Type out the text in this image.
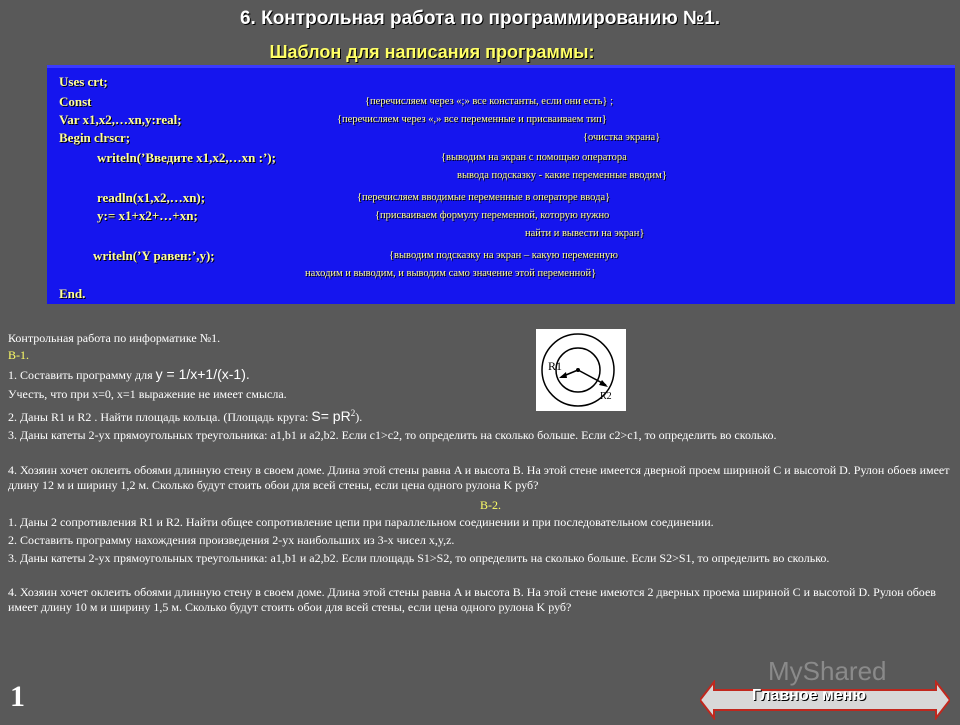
6. Контрольная работа по программированию №1.
Шаблон для написания программы:
Uses crt;
Const	{перечисляем через «;» все константы, если они есть} ;
Var x1,x2,…xn,y:real;	{перечисляем через «,» все переменные и присваиваем тип}
Begin clrscr;	{очистка экрана}
writeln(’Введите x1,x2,…xn :’);	{выводим на экран с помощью оператора
вывода подсказку - какие переменные вводим}
readln(x1,x2,…xn);	{перечисляем вводимые переменные в операторе ввода}
y:= x1+x2+…+xn;	{присваиваем формулу переменной, которую нужно
найти и вывести на экран}
writeln(’Y равен:’,y);	{выводим подсказку на экран – какую переменную
находим и выводим, и выводим само значение этой переменной}
End.
Контрольная работа по информатике №1.
В-1.
1. Составить программу для y = 1/x+1/(x-1).
Учесть, что при x=0, x=1 выражение не имеет смысла.
2. Даны R1 и R2 . Найти площадь кольца. (Площадь круга: $S= pR^2$).
3. Даны катеты 2-ух прямоугольных треугольника: a1,b1 и a2,b2. Если c1>c2, то определить на сколько больше. Если c2>c1, то определить во сколько.
4. Хозяин хочет оклеить обоями длинную стену в своем доме. Длина этой стены равна A и высота B. На этой стене имеется дверной проем шириной C и высотой D. Рулон обоев имеет длину 12 м и ширину 1,2 м. Сколько будут стоить обои для всей стены, если цена одного рулона K руб?
В-2.
1. Даны 2 сопротивления R1 и R2. Найти общее сопротивление цепи при параллельном соединении и при последовательном соединении.
2. Составить программу нахождения произведения 2-ух наибольших из 3-х чисел x,y,z.
3. Даны катеты 2-ух прямоугольных треугольника: a1,b1 и a2,b2. Если площадь S1>S2, то определить на сколько больше. Если S2>S1, то определить во сколько.
4. Хозяин хочет оклеить обоями длинную стену в своем доме. Длина этой стены равна A и высота B. На этой стене имеются 2 дверных проема шириной C и высотой D. Рулон обоев имеет длину 10 м и ширину 1,5 м. Сколько будут стоить обои для всей стены, если цена одного рулона K руб?
R1
R2
1
MyShared
Главное меню
